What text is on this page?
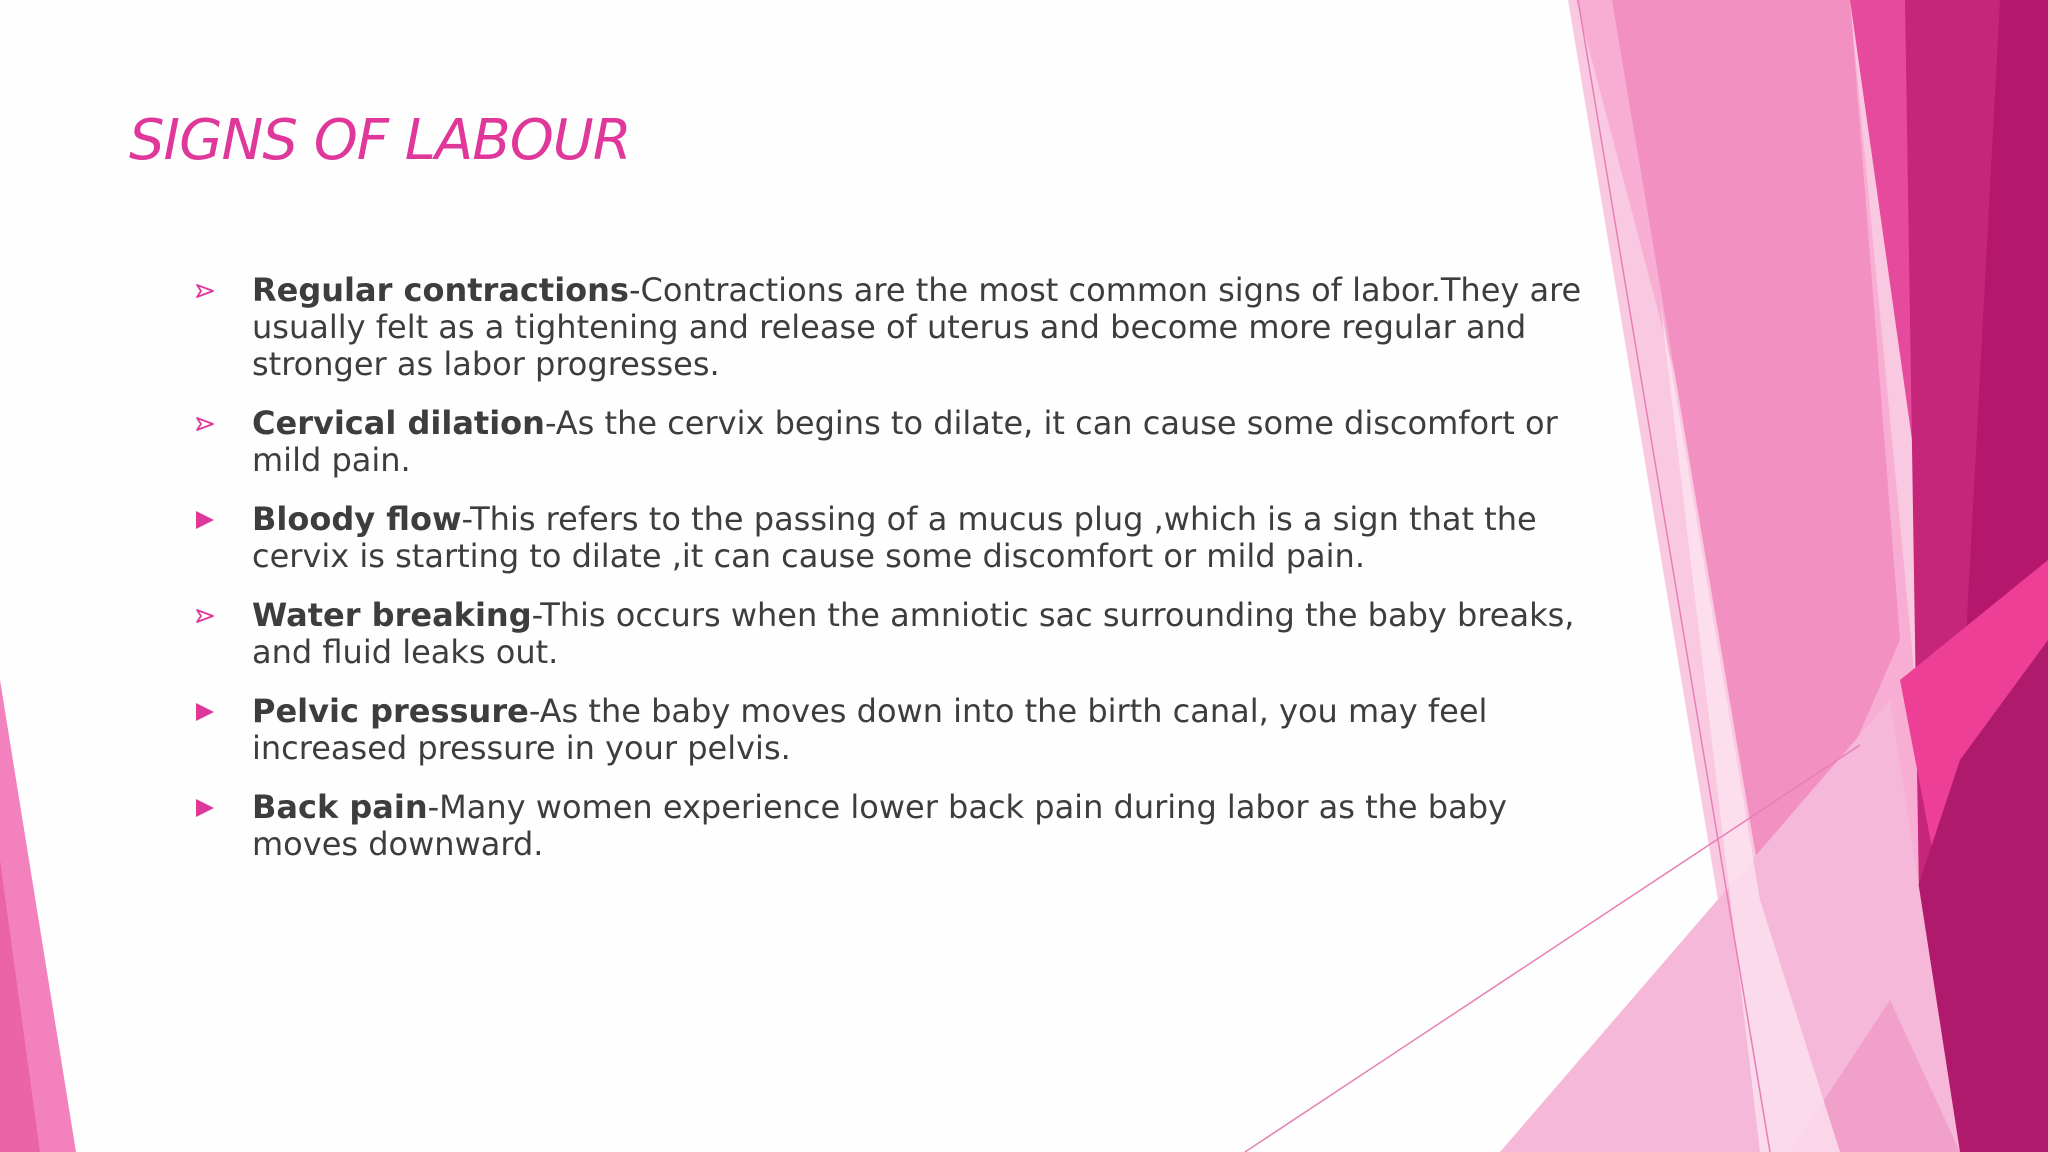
SIGNS OF LABOUR
Regular contractions-Contractions are the most common signs of labor.They are usually felt as a tightening and release of uterus and become more regular and stronger as labor progresses.
Cervical dilation-As the cervix begins to dilate, it can cause some discomfort or mild pain.
Bloody flow-This refers to the passing of a mucus plug ,which is a sign that the cervix is starting to dilate ,it can cause some discomfort or mild pain.
Water breaking-This occurs when the amniotic sac surrounding the baby breaks, and fluid leaks out.
Pelvic pressure-As the baby moves down into the birth canal, you may feel increased pressure in your pelvis.
Back pain-Many women experience lower back pain during labor as the baby moves downward.
